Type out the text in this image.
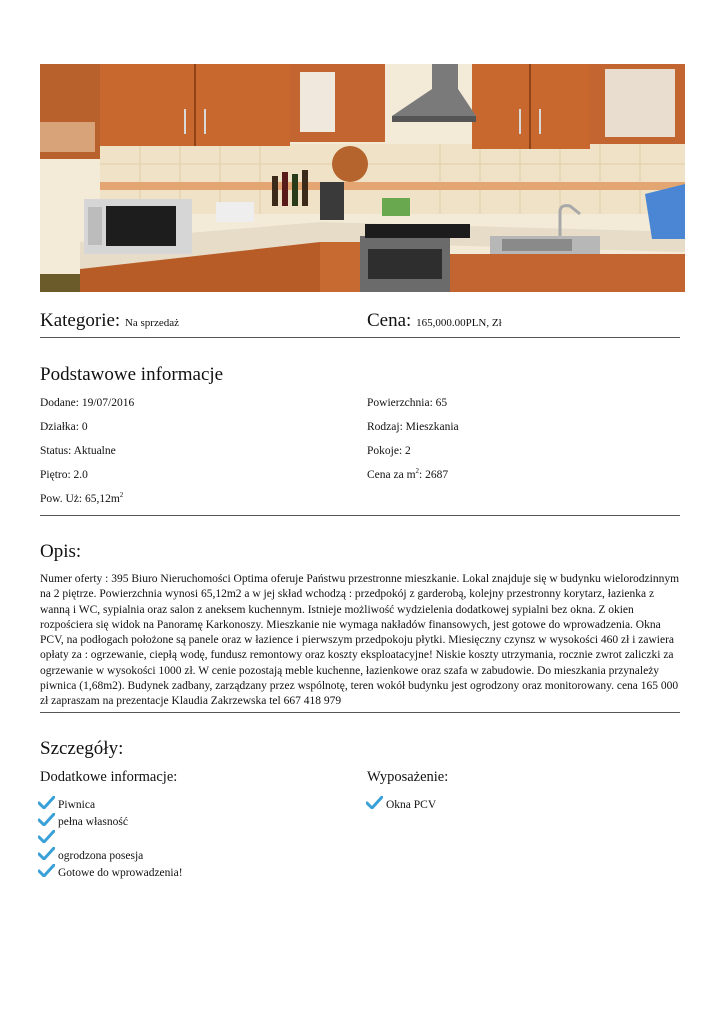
Kategorie: Na sprzedaż	Cena: 165,000.00PLN, Zł
Podstawowe informacje
Dodane: 19/07/2016
Działka: 0
Status: Aktualne
Piętro: 2.0
Pow. Uż: $65,12m^2$
Powierzchnia: 65
Rodzaj: Mieszkania
Pokoje: 2
Cena za $m^2$: 2687
Opis:
Numer oferty : 395 Biuro Nieruchomości Optima oferuje Państwu przestronne mieszkanie. Lokal znajduje się w budynku wielorodzinnym na 2 piętrze. Powierzchnia wynosi 65,12m2 a w jej skład wchodzą : przedpokój z garderobą, kolejny przestronny korytarz, łazienka z wanną i WC, sypialnia oraz salon z aneksem kuchennym. Istnieje możliwość wydzielenia dodatkowej sypialni bez okna. Z okien rozpościera się widok na Panoramę Karkonoszy. Mieszkanie nie wymaga nakładów finansowych, jest gotowe do wprowadzenia. Okna PCV, na podłogach położone są panele oraz w łazience i pierwszym przedpokoju płytki. Miesięczny czynsz w wysokości 460 zł i zawiera opłaty za : ogrzewanie, ciepłą wodę, fundusz remontowy oraz koszty eksploatacyjne! Niskie koszty utrzymania, rocznie zwrot zaliczki za ogrzewanie w wysokości 1000 zł. W cenie pozostają meble kuchenne, łazienkowe oraz szafa w zabudowie. Do mieszkania przynależy piwnica (1,68m2). Budynek zadbany, zarządzany przez wspólnotę, teren wokół budynku jest ogrodzony oraz monitorowany. cena 165 000 zł zapraszam na prezentacje Klaudia Zakrzewska tel 667 418 979
Szczegóły:
Dodatkowe informacje:	Wyposażenie:
Piwnica
pełna własność
ogrodzona posesja
Gotowe do wprowadzenia!
Okna PCV
